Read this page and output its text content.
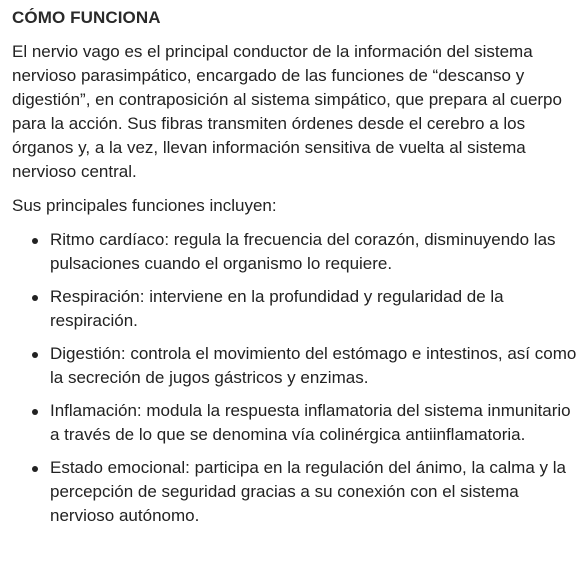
CÓMO FUNCIONA

El nervio vago es el principal conductor de la información del sistema nervioso parasimpático, encargado de las funciones de “descanso y digestión”, en contraposición al sistema simpático, que prepara al cuerpo para la acción. Sus fibras transmiten órdenes desde el cerebro a los órganos y, a la vez, llevan información sensitiva de vuelta al sistema nervioso central.

Sus principales funciones incluyen:

Ritmo cardíaco: regula la frecuencia del corazón, disminuyendo las pulsaciones cuando el organismo lo requiere.
Respiración: interviene en la profundidad y regularidad de la respiración.
Digestión: controla el movimiento del estómago e intestinos, así como la secreción de jugos gástricos y enzimas.
Inflamación: modula la respuesta inflamatoria del sistema inmunitario a través de lo que se denomina vía colinérgica antiinflamatoria.
Estado emocional: participa en la regulación del ánimo, la calma y la percepción de seguridad gracias a su conexión con el sistema nervioso autónomo.
